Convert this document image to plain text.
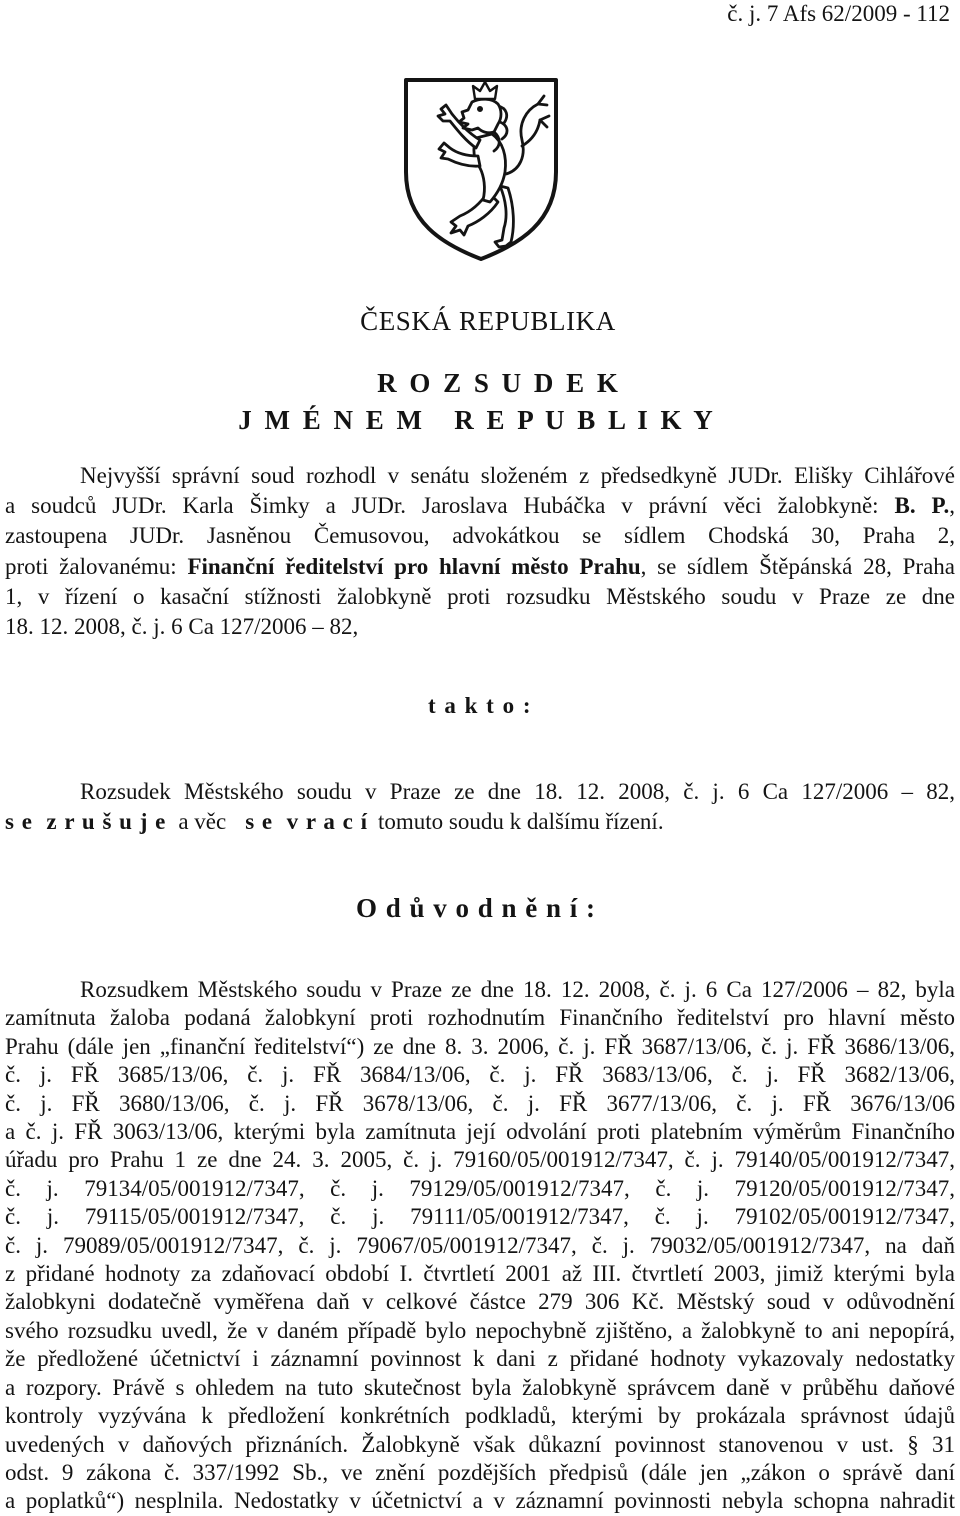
č. j. 7 Afs 62/2009 - 112
ČESKÁ REPUBLIKA
R O Z S U D E K
J M É N E M   R E P U B L I K Y
Nejvyšší správní soud rozhodl v senátu složeném z předsedkyně JUDr. Elišky Cihlářové
a soudců JUDr. Karla Šimky a JUDr. Jaroslava Hubáčka v právní věci žalobkyně: B. P.,
zastoupena JUDr. Jasněnou Čemusovou, advokátkou se sídlem Chodská 30, Praha 2,
proti žalovanému: Finanční ředitelství pro hlavní město Prahu, se sídlem Štěpánská 28, Praha
1, v řízení o kasační stížnosti žalobkyně proti rozsudku Městského soudu v Praze ze dne
18. 12. 2008, č. j. 6 Ca 127/2006 – 82,
t a k t o :
Rozsudek Městského soudu v Praze ze dne 18. 12. 2008, č. j. 6 Ca 127/2006 – 82,
s e  z r u š u j e a věc s e  v r a c í tomuto soudu k dalšímu řízení.
O d ů v o d n ě n í :
Rozsudkem Městského soudu v Praze ze dne 18. 12. 2008, č. j. 6 Ca 127/2006 – 82, byla
zamítnuta žaloba podaná žalobkyní proti rozhodnutím Finančního ředitelství pro hlavní město
Prahu (dále jen „finanční ředitelství“) ze dne 8. 3. 2006, č. j. FŘ 3687/13/06, č. j. FŘ 3686/13/06,
č. j. FŘ 3685/13/06, č. j. FŘ 3684/13/06, č. j. FŘ 3683/13/06, č. j. FŘ 3682/13/06,
č. j. FŘ 3680/13/06, č. j. FŘ 3678/13/06, č. j. FŘ 3677/13/06, č. j. FŘ 3676/13/06
a č. j. FŘ 3063/13/06, kterými byla zamítnuta její odvolání proti platebním výměrům Finančního
úřadu pro Prahu 1 ze dne 24. 3. 2005, č. j. 79160/05/001912/7347, č. j. 79140/05/001912/7347,
č. j. 79134/05/001912/7347, č. j. 79129/05/001912/7347, č. j. 79120/05/001912/7347,
č. j. 79115/05/001912/7347, č. j. 79111/05/001912/7347, č. j. 79102/05/001912/7347,
č. j. 79089/05/001912/7347, č. j. 79067/05/001912/7347, č. j. 79032/05/001912/7347, na daň
z přidané hodnoty za zdaňovací období I. čtvrtletí 2001 až III. čtvrtletí 2003, jimiž kterými byla
žalobkyni dodatečně vyměřena daň v celkové částce 279 306 Kč. Městský soud v odůvodnění
svého rozsudku uvedl, že v daném případě bylo nepochybně zjištěno, a žalobkyně to ani nepopírá,
že předložené účetnictví i záznamní povinnost k dani z přidané hodnoty vykazovaly nedostatky
a rozpory. Právě s ohledem na tuto skutečnost byla žalobkyně správcem daně v průběhu daňové
kontroly vyzývána k předložení konkrétních podkladů, kterými by prokázala správnost údajů
uvedených v daňových přiznáních. Žalobkyně však důkazní povinnost stanovenou v ust. § 31
odst. 9 zákona č. 337/1992 Sb., ve znění pozdějších předpisů (dále jen „zákon o správě daní
a poplatků“) nesplnila. Nedostatky v účetnictví a v záznamní povinnosti nebyla schopna nahradit
